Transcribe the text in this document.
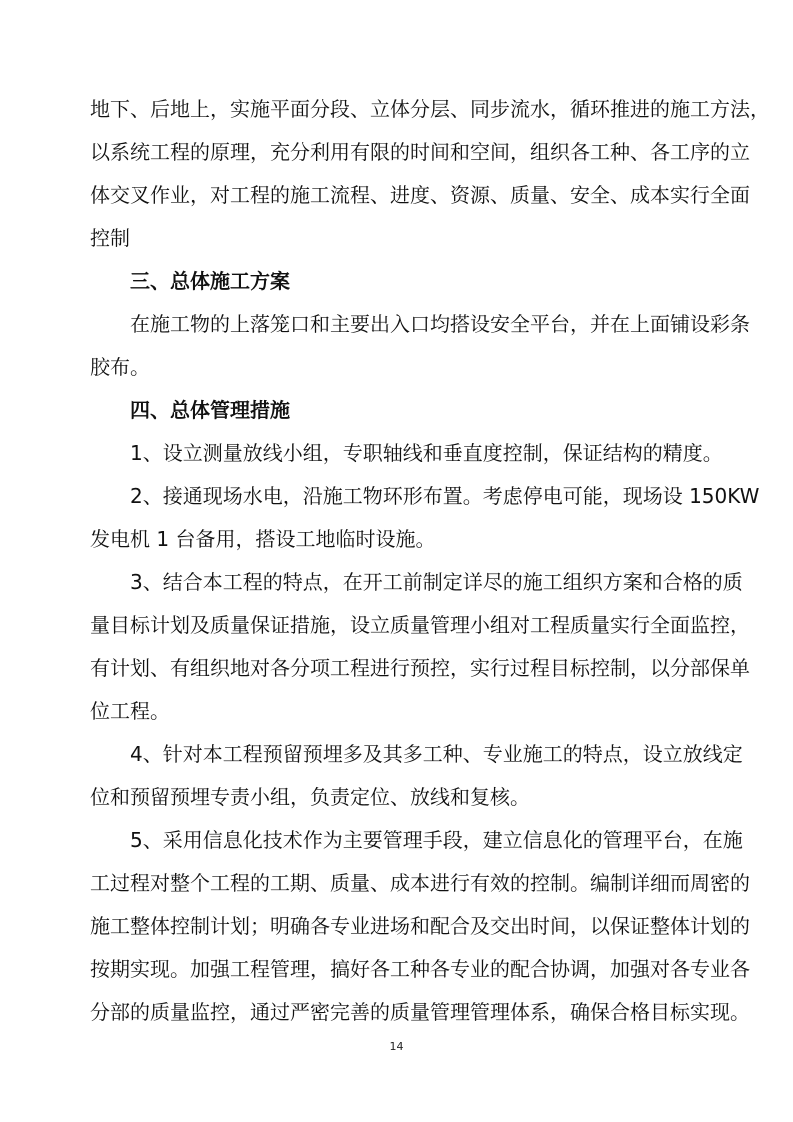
地下、后地上，实施平面分段、立体分层、同步流水，循环推进的施工方法，
以系统工程的原理，充分利用有限的时间和空间，组织各工种、各工序的立
体交叉作业，对工程的施工流程、进度、资源、质量、安全、成本实行全面
控制
三、总体施工方案
在施工物的上落笼口和主要出入口均搭设安全平台，并在上面铺设彩条
胶布。
四、总体管理措施
1、设立测量放线小组，专职轴线和垂直度控制，保证结构的精度。
2、接通现场水电，沿施工物环形布置。考虑停电可能，现场设 150KW
发电机 1 台备用，搭设工地临时设施。
3、结合本工程的特点，在开工前制定详尽的施工组织方案和合格的质
量目标计划及质量保证措施，设立质量管理小组对工程质量实行全面监控，
有计划、有组织地对各分项工程进行预控，实行过程目标控制，以分部保单
位工程。
4、针对本工程预留预埋多及其多工种、专业施工的特点，设立放线定
位和预留预埋专责小组，负责定位、放线和复核。
5、采用信息化技术作为主要管理手段，建立信息化的管理平台，在施
工过程对整个工程的工期、质量、成本进行有效的控制。编制详细而周密的
施工整体控制计划；明确各专业进场和配合及交出时间，以保证整体计划的
按期实现。加强工程管理，搞好各工种各专业的配合协调，加强对各专业各
分部的质量监控，通过严密完善的质量管理管理体系，确保合格目标实现。
14
